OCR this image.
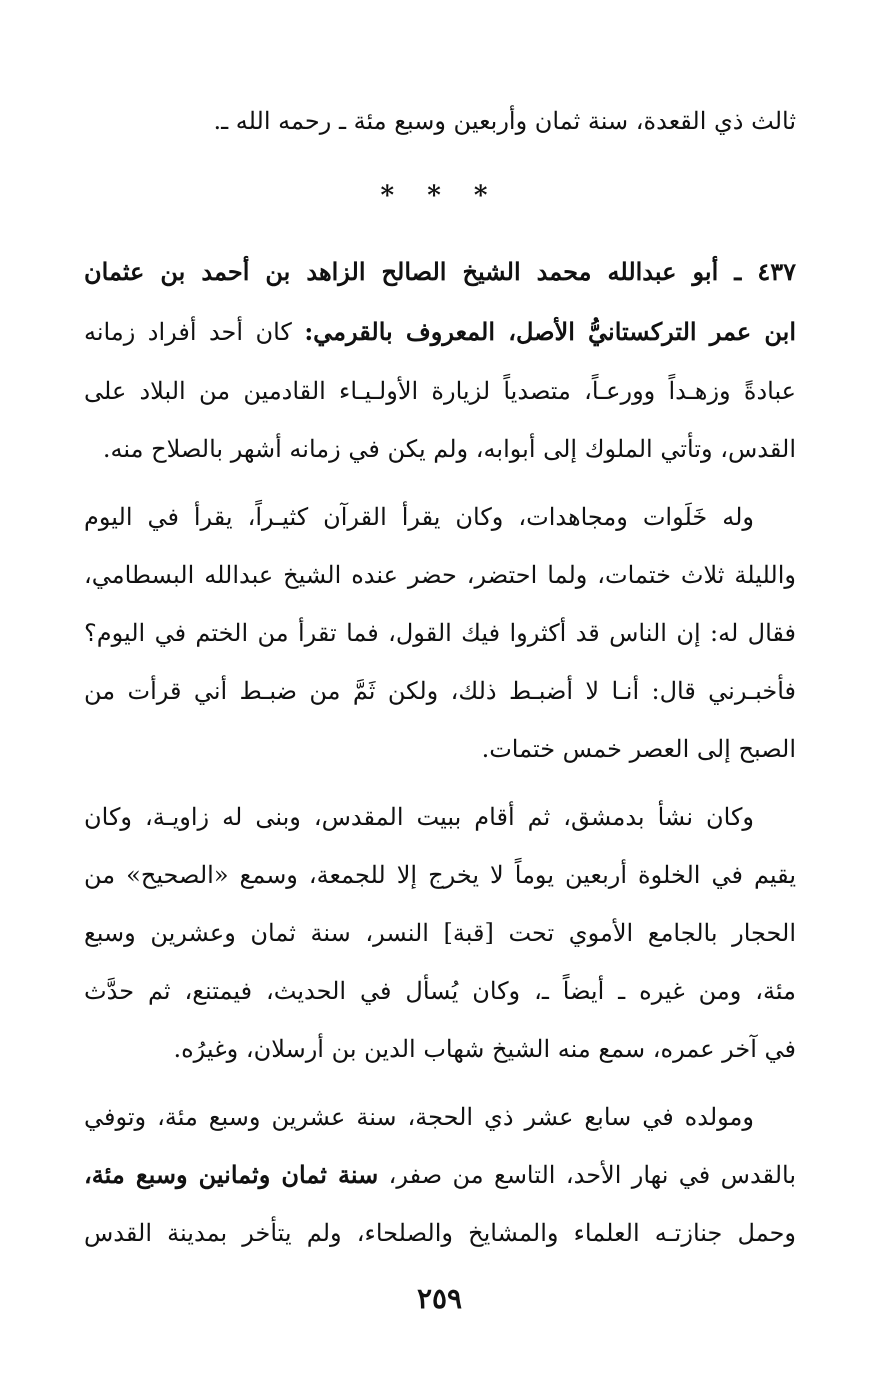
ثالث ذي القعدة، سنة ثمان وأربعين وسبع مئة ـ رحمه الله ـ.
* * *
٤٣٧ ـ أبو عبدالله محمد الشيخ الصالح الزاهد بن أحمد بن عثمان
ابن عمر التركستانيُّ الأصل، المعروف بالقرمي: كان أحد أفراد زمانه
عبادةً وزهـداً وورعـاً، متصدياً لزيارة الأولـيـاء القادمين من البلاد على
القدس، وتأتي الملوك إلى أبوابه، ولم يكن في زمانه أشهر بالصلاح منه.
وله خَلَوات ومجاهدات، وكان يقرأ القرآن كثيـراً، يقرأ في اليوم
والليلة ثلاث ختمات، ولما احتضر، حضر عنده الشيخ عبدالله البسطامي،
فقال له: إن الناس قد أكثروا فيك القول، فما تقرأ من الختم في اليوم؟
فأخبـرني قال: أنـا لا أضبـط ذلك، ولكن ثَمَّ من ضبـط أني قرأت من
الصبح إلى العصر خمس ختمات.
وكان نشأ بدمشق، ثم أقام ببيت المقدس، وبنى له زاويـة، وكان
يقيم في الخلوة أربعين يوماً لا يخرج إلا للجمعة، وسمع «الصحيح» من
الحجار بالجامع الأموي تحت [قبة] النسر، سنة ثمان وعشرين وسبع
مئة، ومن غيره ـ أيضاً ـ، وكان يُسأل في الحديث، فيمتنع، ثم حدَّث
في آخر عمره، سمع منه الشيخ شهاب الدين بن أرسلان، وغيرُه.
ومولده في سابع عشر ذي الحجة، سنة عشرين وسبع مئة، وتوفي
بالقدس في نهار الأحد، التاسع من صفر، سنة ثمان وثمانين وسبع مئة،
وحمل جنازتـه العلماء والمشايخ والصلحاء، ولم يتأخر بمدينة القدس
٢٥٩
